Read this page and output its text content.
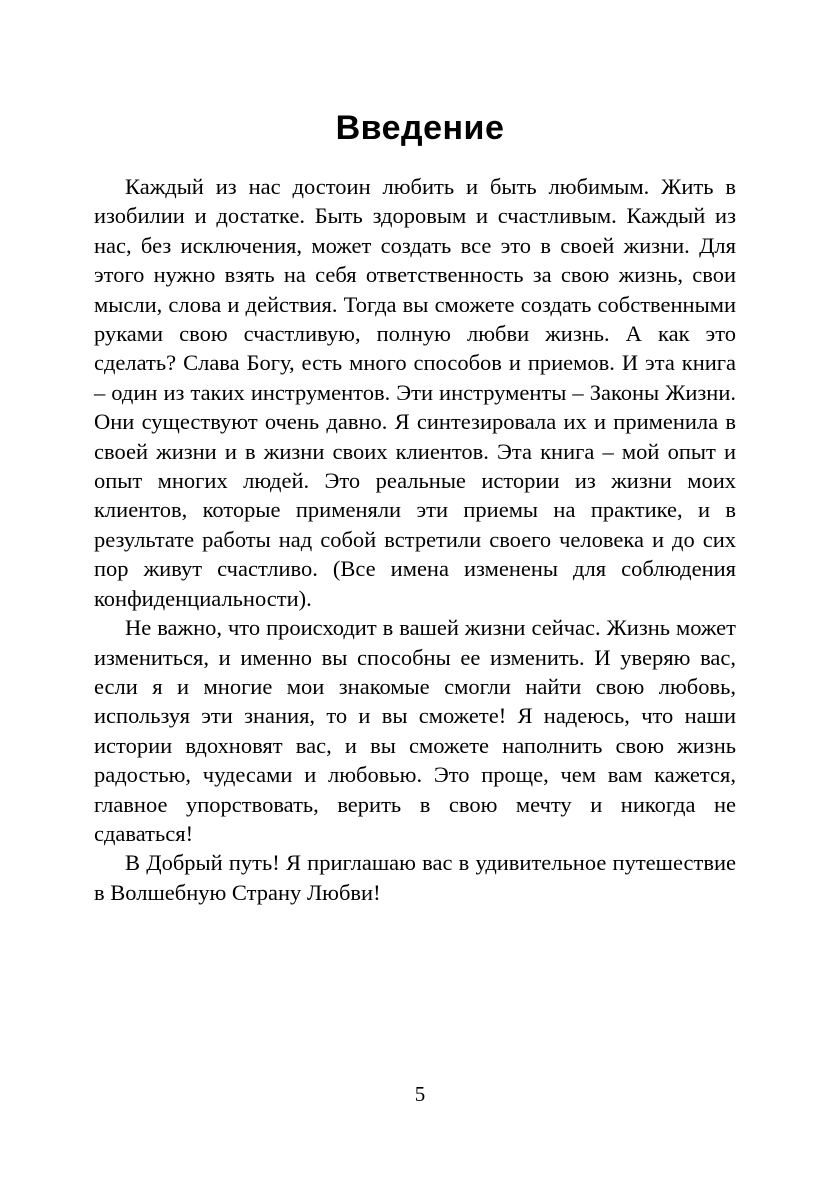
Введение

Каждый из нас достоин любить и быть любимым. Жить в изобилии и достатке. Быть здоровым и счастливым. Каждый из нас, без исключения, может создать все это в своей жизни. Для этого нужно взять на себя ответственность за свою жизнь, свои мысли, слова и действия. Тогда вы сможете создать собственными руками свою счастливую, полную любви жизнь. А как это сделать? Слава Богу, есть много способов и приемов. И эта книга – один из таких инструментов. Эти инструменты – Законы Жизни. Они существуют очень давно. Я синтезировала их и применила в своей жизни и в жизни своих клиентов. Эта книга – мой опыт и опыт многих людей. Это реальные истории из жизни моих клиентов, которые применяли эти приемы на практике, и в результате работы над собой встретили своего человека и до сих пор живут счастливо. (Все имена изменены для соблюдения конфиденциальности).

Не важно, что происходит в вашей жизни сейчас. Жизнь может измениться, и именно вы способны ее изменить. И уверяю вас, если я и многие мои знакомые смогли найти свою любовь, используя эти знания, то и вы сможете! Я надеюсь, что наши истории вдохновят вас, и вы сможете наполнить свою жизнь радостью, чудесами и любовью. Это проще, чем вам кажется, главное упорствовать, верить в свою мечту и никогда не сдаваться!

В Добрый путь! Я приглашаю вас в удивительное путешествие в Волшебную Страну Любви!

5
